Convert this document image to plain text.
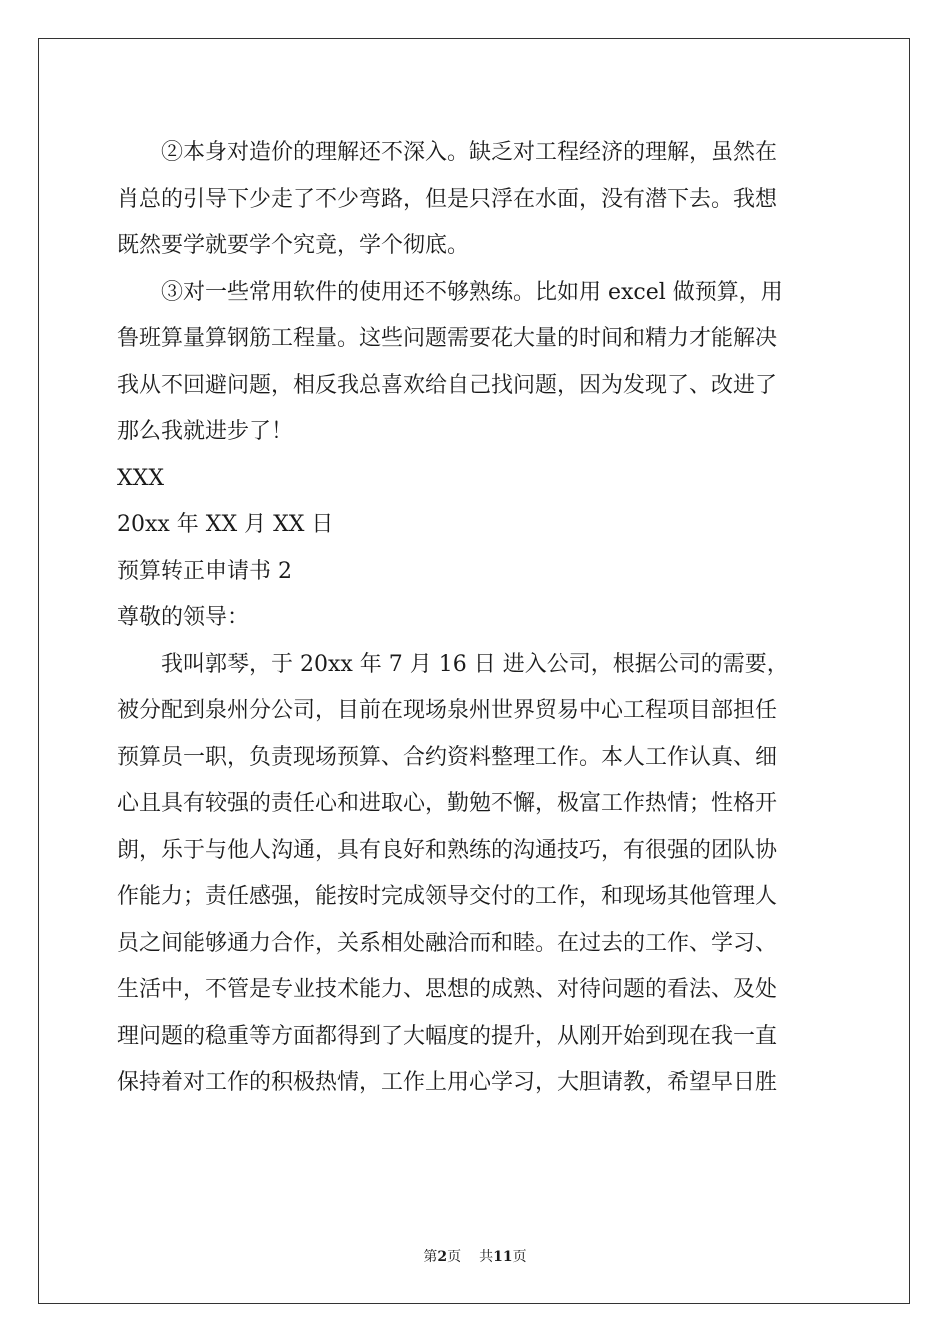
②本身对造价的理解还不深入。缺乏对工程经济的理解，虽然在
肖总的引导下少走了不少弯路，但是只浮在水面，没有潜下去。我想
既然要学就要学个究竟，学个彻底。
③对一些常用软件的使用还不够熟练。比如用 excel 做预算，用
鲁班算量算钢筋工程量。这些问题需要花大量的时间和精力才能解决
我从不回避问题，相反我总喜欢给自己找问题，因为发现了、改进了
那么我就进步了！
XXX
20xx 年 XX 月 XX 日
预算转正申请书 2
尊敬的领导：
我叫郭琴，于 20xx 年 7 月 16 日 进入公司，根据公司的需要，
被分配到泉州分公司，目前在现场泉州世界贸易中心工程项目部担任
预算员一职，负责现场预算、合约资料整理工作。本人工作认真、细
心且具有较强的责任心和进取心，勤勉不懈，极富工作热情；性格开
朗，乐于与他人沟通，具有良好和熟练的沟通技巧，有很强的团队协
作能力；责任感强，能按时完成领导交付的工作，和现场其他管理人
员之间能够通力合作，关系相处融洽而和睦。在过去的工作、学习、
生活中，不管是专业技术能力、思想的成熟、对待问题的看法、及处
理问题的稳重等方面都得到了大幅度的提升，从刚开始到现在我一直
保持着对工作的积极热情，工作上用心学习，大胆请教，希望早日胜
第2页 共11页
